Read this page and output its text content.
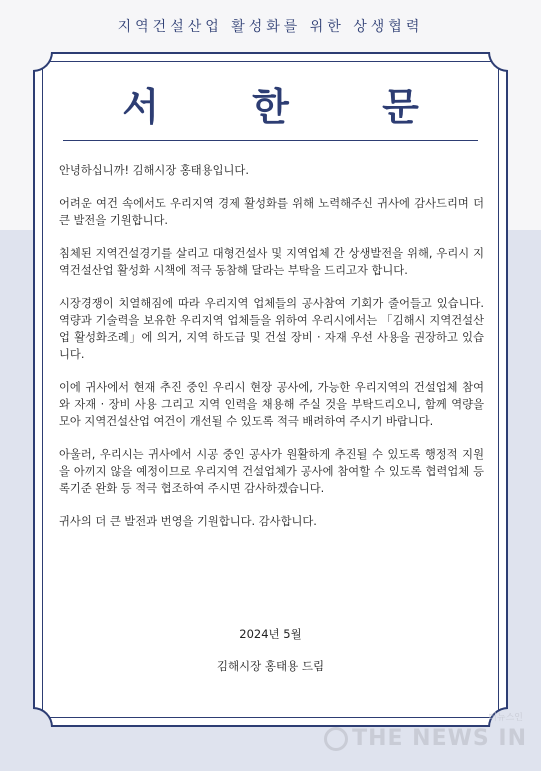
지역건설산업 활성화를 위한 상생협력
서 한 문

안녕하십니까! 김해시장 홍태용입니다.

어려운 여건 속에서도 우리지역 경제 활성화를 위해 노력해주신 귀사에 감사드리며 더 큰 발전을 기원합니다.

침체된 지역건설경기를 살리고 대형건설사 및 지역업체 간 상생발전을 위해, 우리시 지역건설산업 활성화 시책에 적극 동참해 달라는 부탁을 드리고자 합니다.

시장경쟁이 치열해짐에 따라 우리지역 업체들의 공사참여 기회가 줄어들고 있습니다. 역량과 기술력을 보유한 우리지역 업체들을 위하여 우리시에서는 「김해시 지역건설산업 활성화조례」에 의거, 지역 하도급 및 건설 장비 · 자재 우선 사용을 권장하고 있습니다.

이에 귀사에서 현재 추진 중인 우리시 현장 공사에, 가능한 우리지역의 건설업체 참여와 자재 · 장비 사용 그리고 지역 인력을 채용해 주실 것을 부탁드리오니, 함께 역량을 모아 지역건설산업 여건이 개선될 수 있도록 적극 배려하여 주시기 바랍니다.

아울러, 우리시는 귀사에서 시공 중인 공사가 원활하게 추진될 수 있도록 행정적 지원을 아끼지 않을 예정이므로 우리지역 건설업체가 공사에 참여할 수 있도록 협력업체 등록기준 완화 등 적극 협조하여 주시면 감사하겠습니다.

귀사의 더 큰 발전과 번영을 기원합니다. 감사합니다.

2024년 5월
김해시장 홍태용 드림
더뉴스인
THE NEWS IN
